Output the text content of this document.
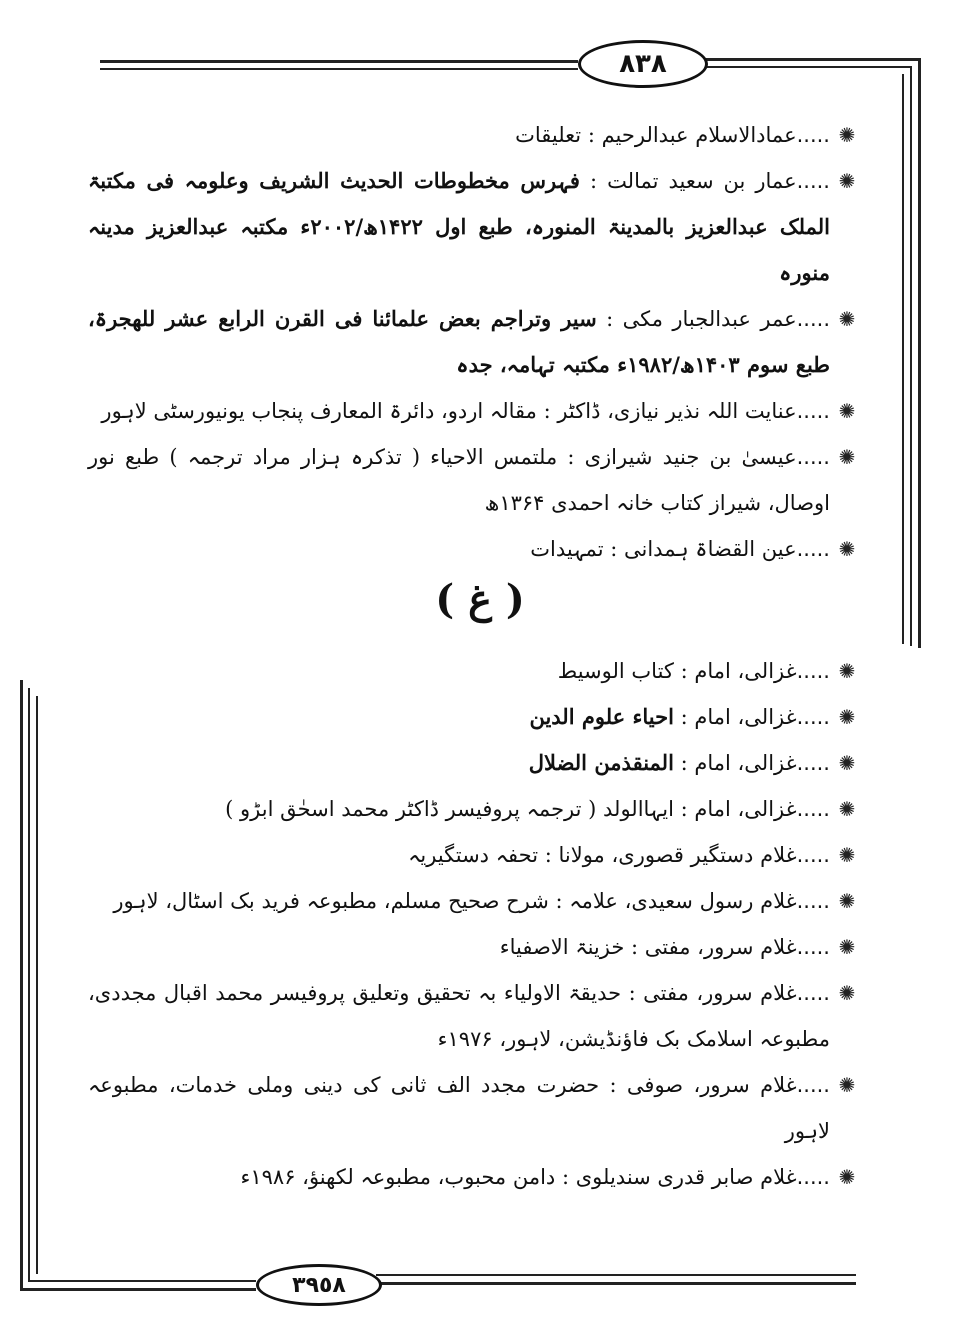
٨٣٨
✺
.....عمادالاسلام عبدالرحیم : تعلیقات
✺
.....عمار بن سعید تمالت : فہرس مخطوطات الحدیث الشریف وعلومہ فی مکتبۃ الملک عبدالعزیز بالمدینۃ المنورہ، طبع اول ۱۴۲۲ھ/۲۰۰۲ء مکتبہ عبدالعزیز مدینہ منورہ
✺
.....عمر عبدالجبار مکی : سیر وتراجم بعض علمائنا فی القرن الرابع عشر للھجرۃ، طبع سوم ۱۴۰۳ھ/۱۹۸۲ء مکتبہ تہامہ، جدہ
✺
.....عنایت اللہ نذیر نیازی، ڈاکٹر : مقالہ اردو، دائرۃ المعارف پنجاب یونیورسٹی لاہور
✺
.....عیسیٰ بن جنید شیرازی : ملتمس الاحیاء ( تذکرہ ہزار مراد ترجمہ ) طبع نور اوصال، شیراز کتاب خانہ احمدی ۱۳۶۴ھ
✺
.....عین القضاۃ ہمدانی : تمہیدات
( غ )
✺
.....غزالی، امام : کتاب الوسیط
✺
.....غزالی، امام : احیاء علوم الدین
✺
.....غزالی، امام : المنقذمن الضلال
✺
.....غزالی، امام : ایہاالولد ( ترجمہ پروفیسر ڈاکٹر محمد اسحٰق ابڑو )
✺
.....غلام دستگیر قصوری، مولانا : تحفہ دستگیریہ
✺
.....غلام رسول سعیدی، علامہ : شرح صحیح مسلم، مطبوعہ فرید بک اسٹال، لاہور
✺
.....غلام سرور، مفتی : خزینۃ الاصفیاء
✺
.....غلام سرور، مفتی : حدیقۃ الاولیاء بہ تحقیق وتعلیق پروفیسر محمد اقبال مجددی، مطبوعہ اسلامک بک فاؤنڈیشن، لاہور، ۱۹۷۶ء
✺
.....غلام سرور، صوفی : حضرت مجدد الف ثانی کی دینی وملی خدمات، مطبوعہ لاہور
✺
.....غلام صابر قدری سندیلوی : دامن محبوب، مطبوعہ لکھنؤ، ۱۹۸۶ء
٣٩٥٨
